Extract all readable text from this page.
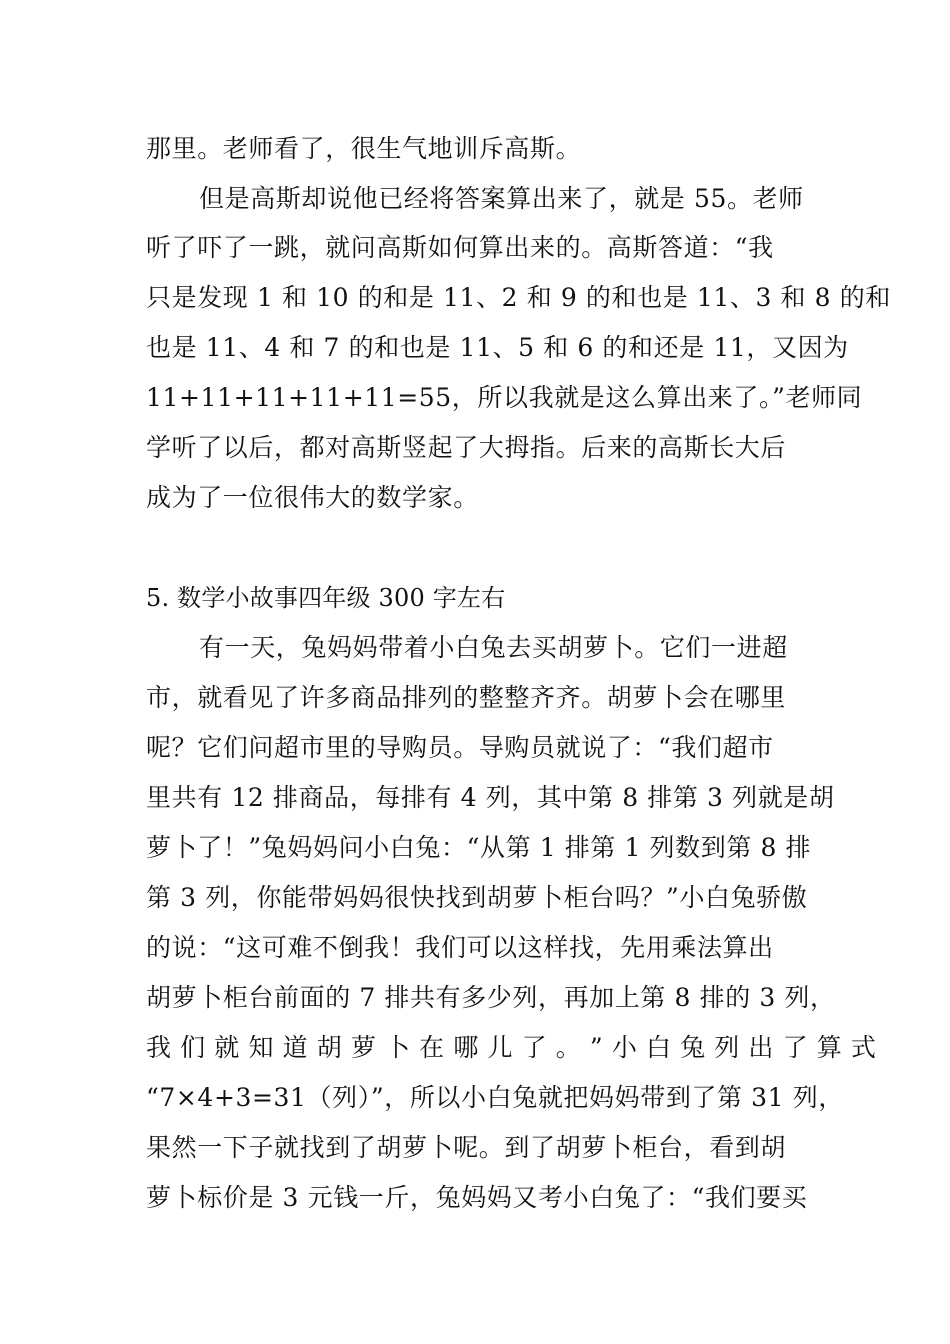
那里。老师看了，很生气地训斥高斯。
但是高斯却说他已经将答案算出来了，就是 55。老师
听了吓了一跳，就问高斯如何算出来的。高斯答道：“我
只是发现 1 和 10 的和是 11、2 和 9 的和也是 11、3 和 8 的和
也是 11、4 和 7 的和也是 11、5 和 6 的和还是 11，又因为
11+11+11+11+11=55，所以我就是这么算出来了。”老师同
学听了以后，都对高斯竖起了大拇指。后来的高斯长大后
成为了一位很伟大的数学家。
5. 数学小故事四年级 300 字左右
有一天，兔妈妈带着小白兔去买胡萝卜。它们一进超
市，就看见了许多商品排列的整整齐齐。胡萝卜会在哪里
呢？它们问超市里的导购员。导购员就说了：“我们超市
里共有 12 排商品，每排有 4 列，其中第 8 排第 3 列就是胡
萝卜了！”兔妈妈问小白兔：“从第 1 排第 1 列数到第 8 排
第 3 列，你能带妈妈很快找到胡萝卜柜台吗？”小白兔骄傲
的说：“这可难不倒我！我们可以这样找，先用乘法算出
胡萝卜柜台前面的 7 排共有多少列，再加上第 8 排的 3 列，
我 们 就 知 道 胡 萝 卜 在 哪 儿 了 。 ” 小 白 兔 列 出 了 算 式
“7×4+3=31（列）”，所以小白兔就把妈妈带到了第 31 列，
果然一下子就找到了胡萝卜呢。到了胡萝卜柜台，看到胡
萝卜标价是 3 元钱一斤，兔妈妈又考小白兔了：“我们要买
